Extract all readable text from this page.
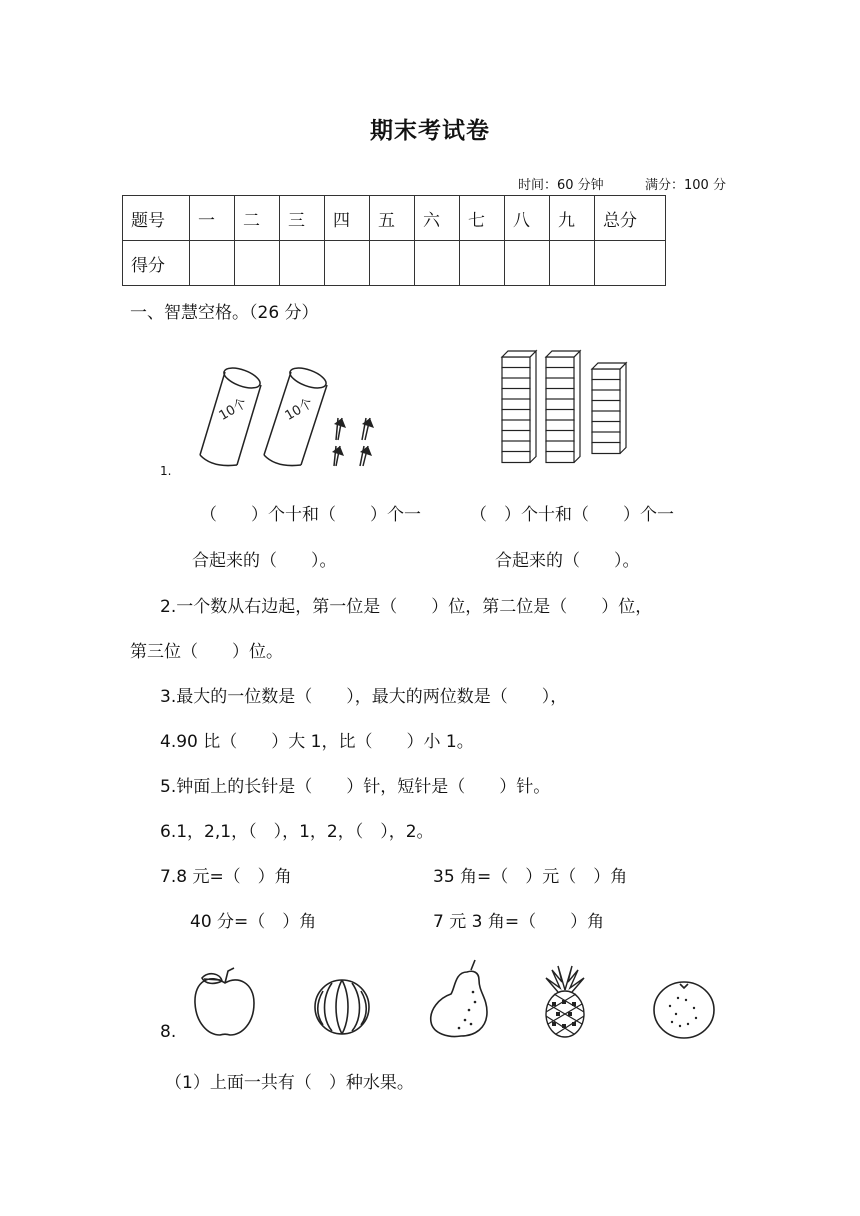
期末考试卷
时间：60 分钟	满分：100 分
题号	一	二	三	四	五	六	七	八	九	总分
得分										
一、智慧空格。（26 分）
1.
10个	10个
（　　）个十和（　　）个一
合起来的（　　）。
（　）个十和（　　）个一
合起来的（　　）。
2.一个数从右边起，第一位是（　　）位，第二位是（　　）位，
第三位（　　）位。
3.最大的一位数是（　　），最大的两位数是（　　），
4.90 比（　　）大 1，比（　　）小 1。
5.钟面上的长针是（　　）针，短针是（　　）针。
6.1，2,1，（　），1，2，（　），2。
7.8 元=（　）角	35 角=（　）元（　）角
40 分=（　）角	7 元 3 角=（　　）角
8.
（1）上面一共有（　）种水果。
